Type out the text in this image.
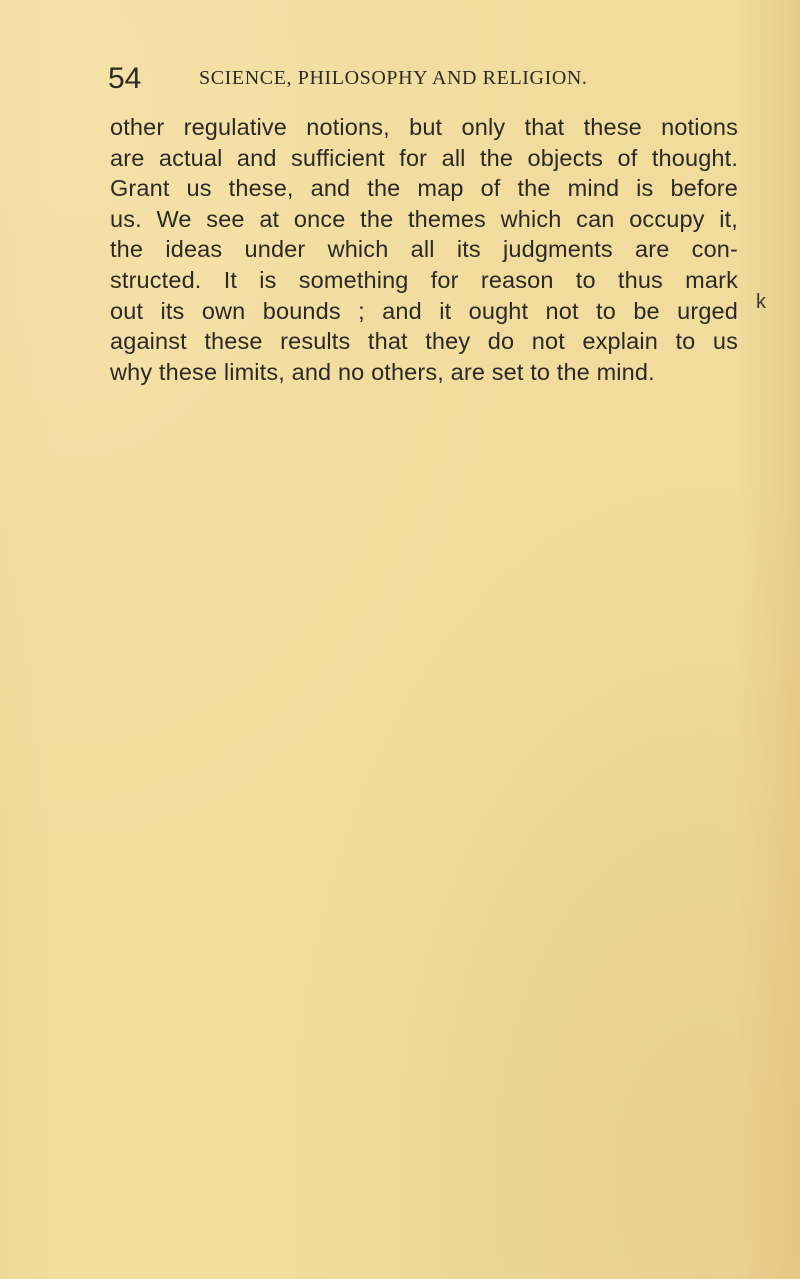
54	SCIENCE, PHILOSOPHY AND RELIGION.
other regulative notions, but only that these notions
are actual and sufficient for all the objects of thought.
Grant us these, and the map of the mind is before
us. We see at once the themes which can occupy it,
the ideas under which all its judgments are con-
structed. It is something for reason to thus mark
out its own bounds ; and it ought not to be urged
against these results that they do not explain to us
why these limits, and no others, are set to the mind.
k
